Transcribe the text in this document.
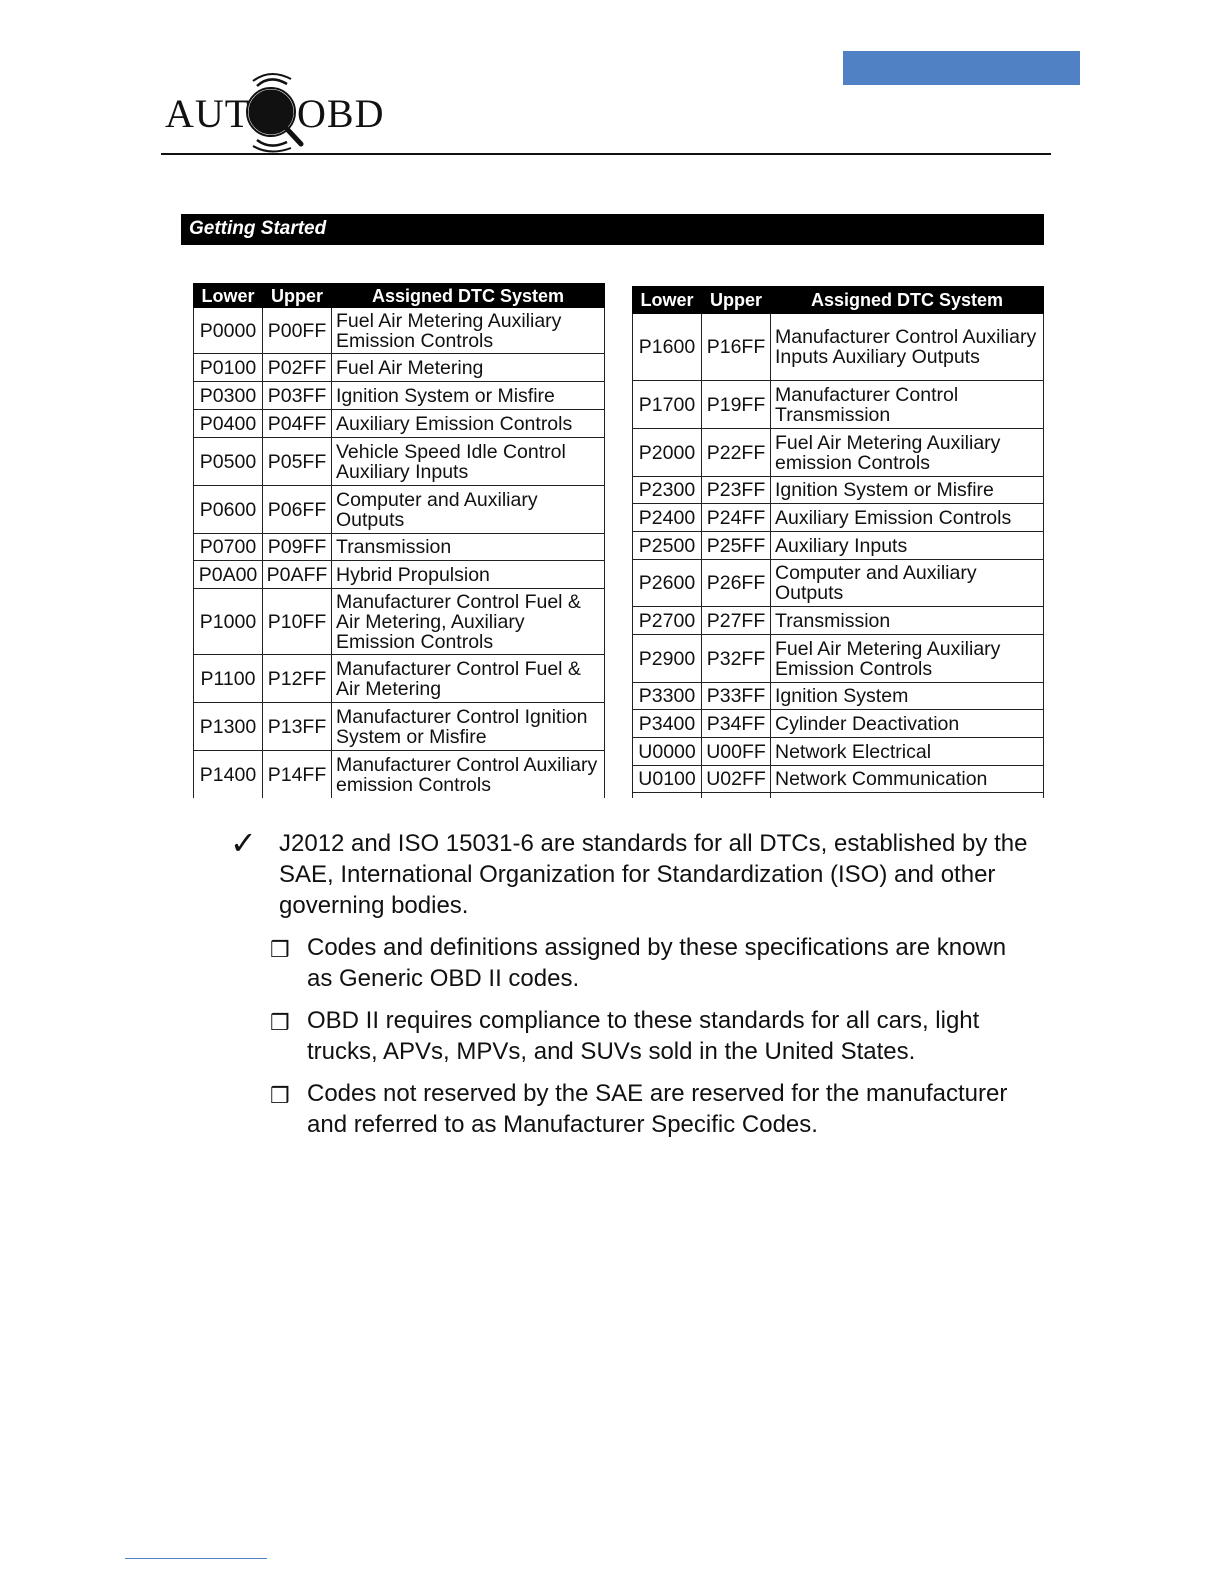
AUT OBD
Getting Started
Lower	Upper	Assigned DTC System
P0000	P00FF	Fuel Air Metering Auxiliary Emission Controls
P0100	P02FF	Fuel Air Metering
P0300	P03FF	Ignition System or Misfire
P0400	P04FF	Auxiliary Emission Controls
P0500	P05FF	Vehicle Speed Idle Control Auxiliary Inputs
P0600	P06FF	Computer and Auxiliary Outputs
P0700	P09FF	Transmission
P0A00	P0AFF	Hybrid Propulsion
P1000	P10FF	Manufacturer Control Fuel & Air Metering, Auxiliary Emission Controls
P1100	P12FF	Manufacturer Control Fuel & Air Metering
P1300	P13FF	Manufacturer Control Ignition System or Misfire
P1400	P14FF	Manufacturer Control Auxiliary emission Controls

Lower	Upper	Assigned DTC System
P1600	P16FF	Manufacturer Control Auxiliary Inputs Auxiliary Outputs
P1700	P19FF	Manufacturer Control Transmission
P2000	P22FF	Fuel Air Metering Auxiliary emission Controls
P2300	P23FF	Ignition System or Misfire
P2400	P24FF	Auxiliary Emission Controls
P2500	P25FF	Auxiliary Inputs
P2600	P26FF	Computer and Auxiliary Outputs
P2700	P27FF	Transmission
P2900	P32FF	Fuel Air Metering Auxiliary Emission Controls
P3300	P33FF	Ignition System
P3400	P34FF	Cylinder Deactivation
U0000	U00FF	Network Electrical
U0100	U02FF	Network Communication

✓ J2012 and ISO 15031-6 are standards for all DTCs, established by the SAE, International Organization for Standardization (ISO) and other governing bodies.
❒ Codes and definitions assigned by these specifications are known as Generic OBD II codes.
❒ OBD II requires compliance to these standards for all cars, light trucks, APVs, MPVs, and SUVs sold in the United States.
❒ Codes not reserved by the SAE are reserved for the manufacturer and referred to as Manufacturer Specific Codes.
